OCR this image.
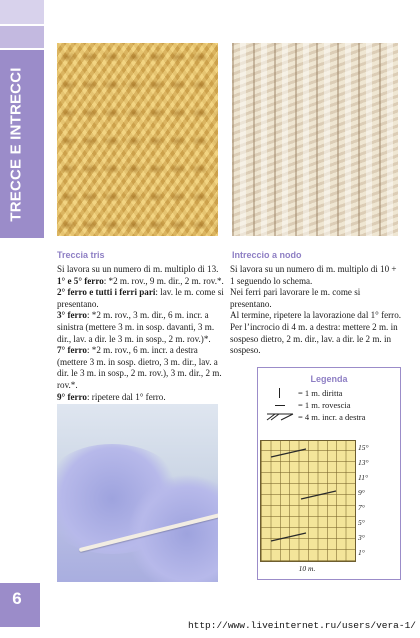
TRECCE E INTRECCI
Treccia tris	Intreccio a nodo

Si lavora su un numero di m. multiplo di 13.

1° e 5° ferro: *2 m. rov., 9 m. dir., 2 m. rov.*.

2° ferro e tutti i ferri pari: lav. le m. come si presentano.

3° ferro: *2 m. rov., 3 m. dir., 6 m. incr. a sinistra (mettere 3 m. in sosp. davanti, 3 m. dir., lav. a dir. le 3 m. in sosp., 2 m. rov.)*.

7° ferro: *2 m. rov., 6 m. incr. a destra (mettere 3 m. in sosp. dietro, 3 m. dir., lav. a dir. le 3 m. in sosp., 2 m. rov.), 3 m. dir., 2 m. rov.*.

9° ferro: ripetere dal 1° ferro.

Si lavora su un numero di m. multiplo di 10 + 1 seguendo lo schema.

Nei ferri pari lavorare le m. come si presentano.

Al termine, ripetere la lavorazione dal 1° ferro.

Per l’incrocio di 4 m. a destra: mettere 2 m. in sospeso dietro, 2 m. dir., lav. a dir. le 2 m. in sospeso.

Legenda
= 1 m. diritta
= 1 m. rovescia
= 4 m. incr. a destra
15°
13°
11°
9°
7°
5°
3°
1°
10 m.
6
http://www.liveinternet.ru/users/vera-1/
